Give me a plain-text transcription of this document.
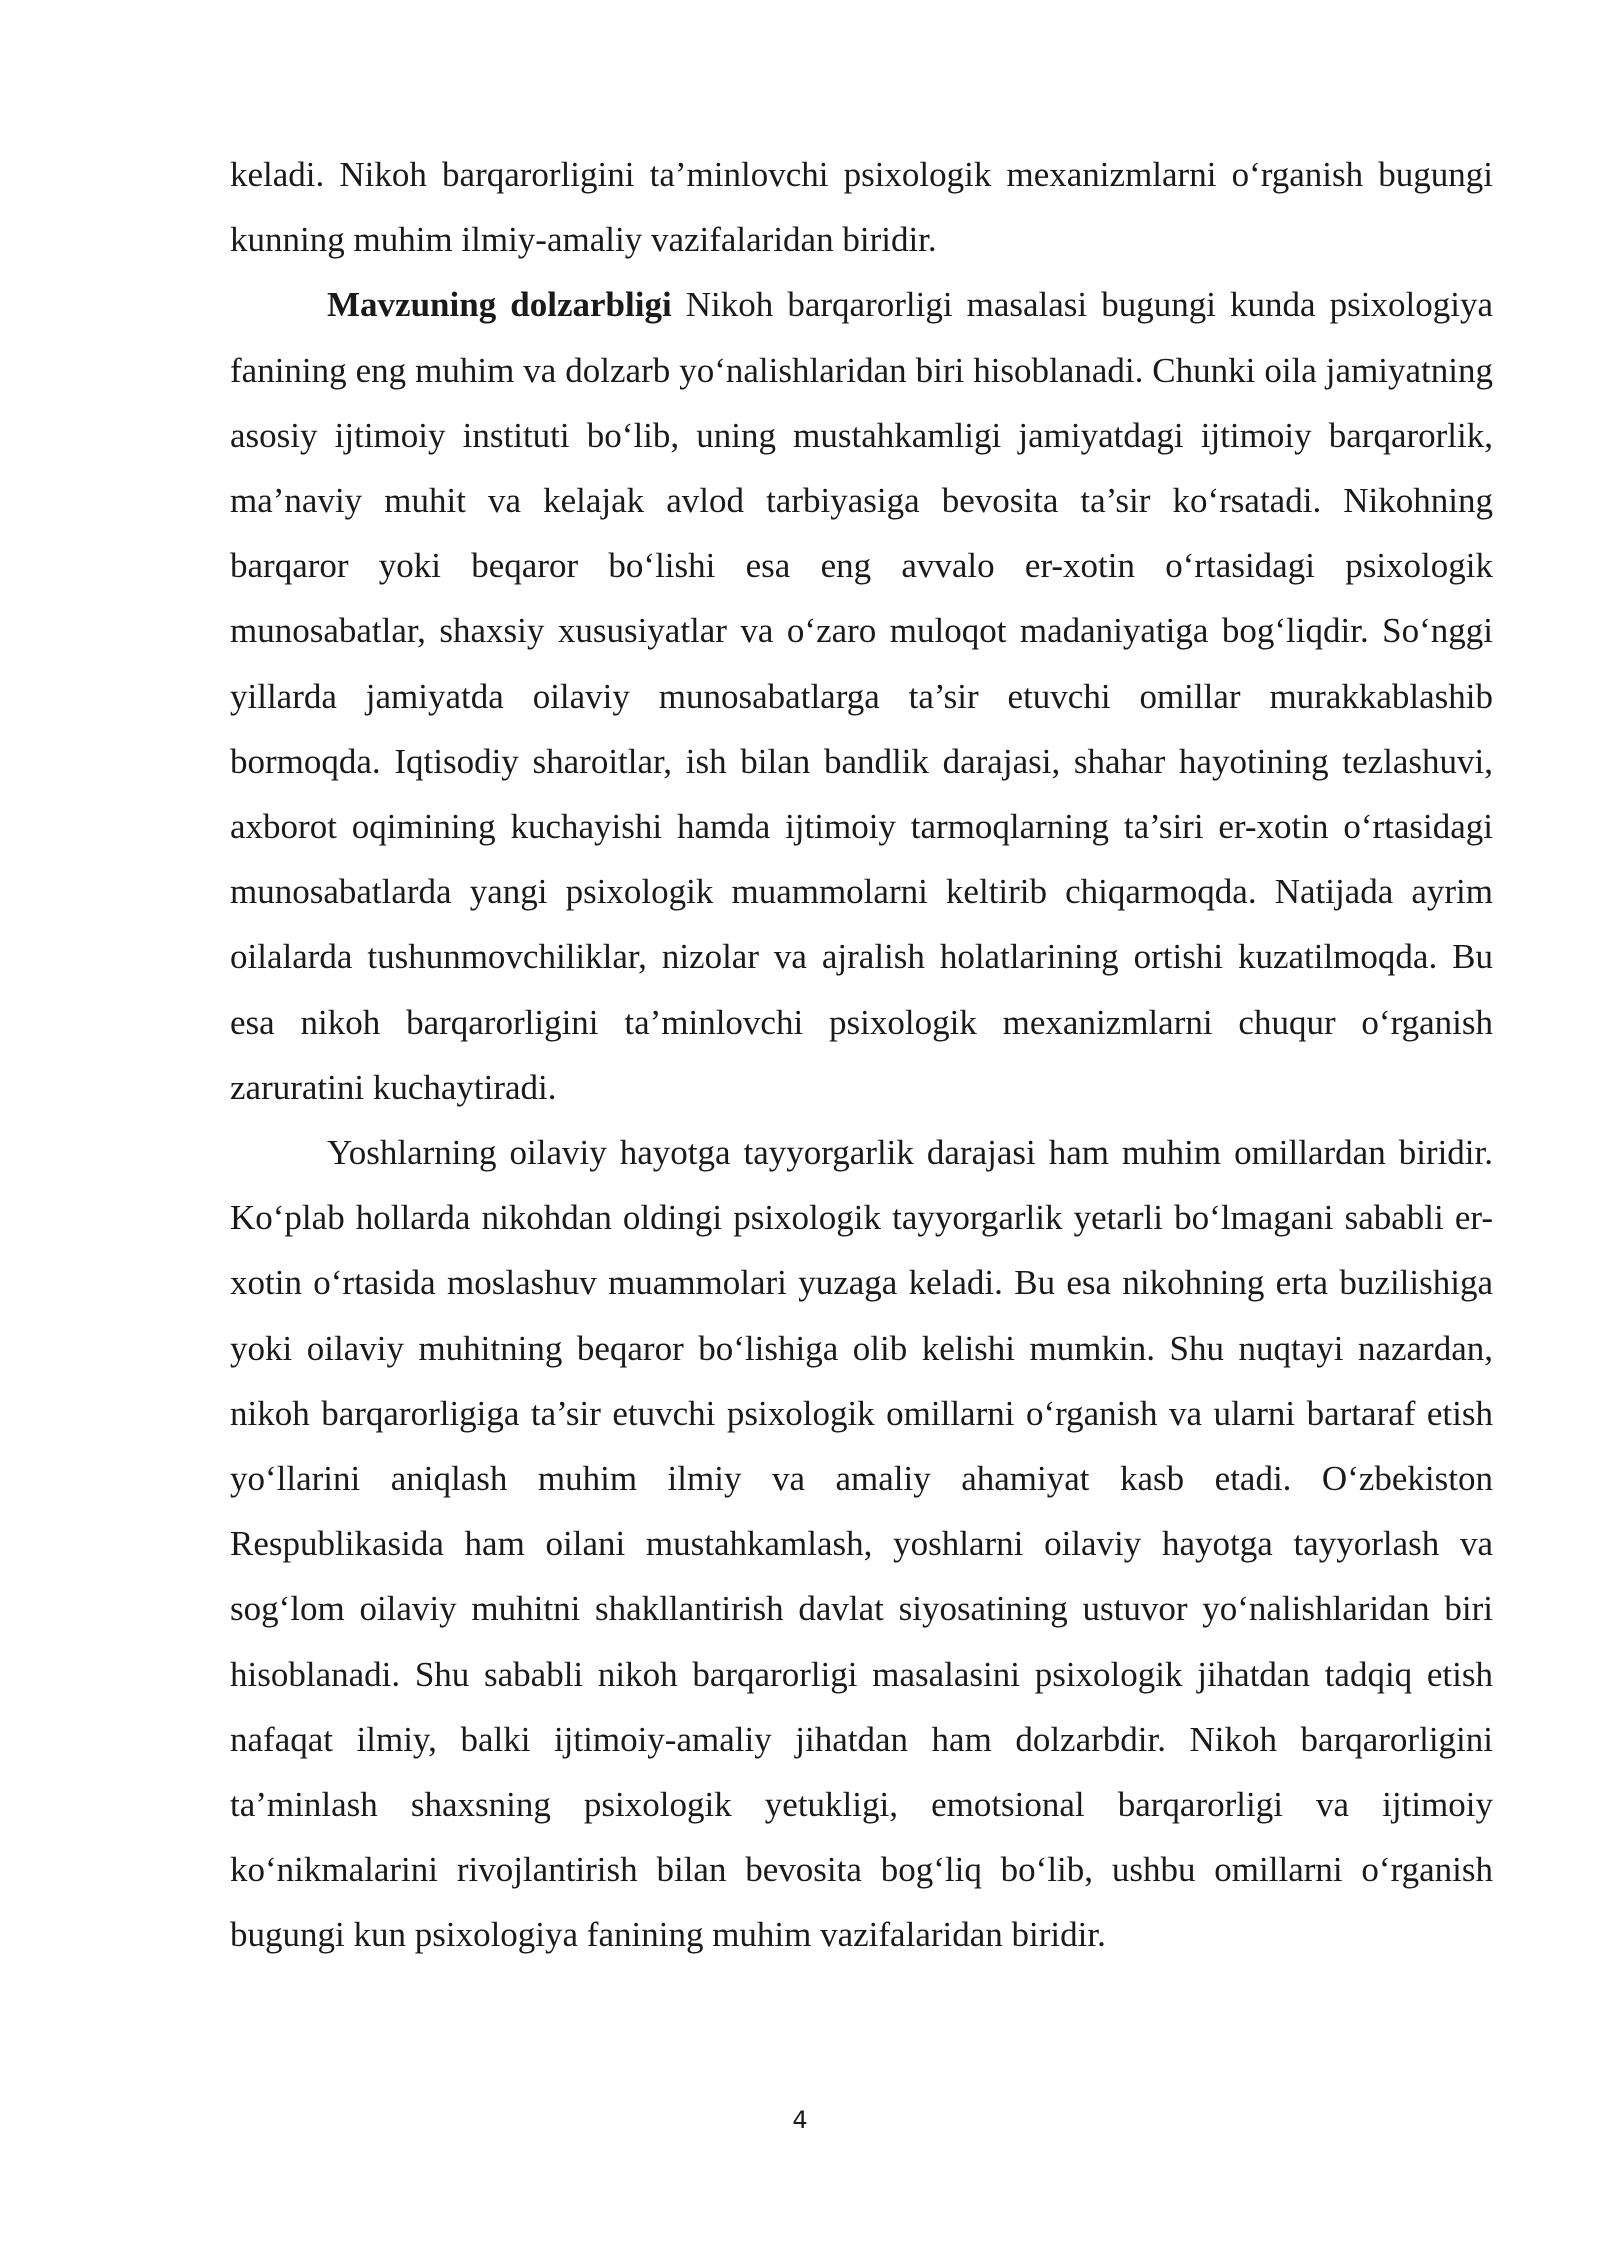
keladi. Nikoh barqarorligini ta’minlovchi psixologik mexanizmlarni o‘rganish bugungi kunning muhim ilmiy-amaliy vazifalaridan biridir.

Mavzuning dolzarbligi Nikoh barqarorligi masalasi bugungi kunda psixologiya fanining eng muhim va dolzarb yo‘nalishlaridan biri hisoblanadi. Chunki oila jamiyatning asosiy ijtimoiy instituti bo‘lib, uning mustahkamligi jamiyatdagi ijtimoiy barqarorlik, ma’naviy muhit va kelajak avlod tarbiyasiga bevosita ta’sir ko‘rsatadi. Nikohning barqaror yoki beqaror bo‘lishi esa eng avvalo er-xotin o‘rtasidagi psixologik munosabatlar, shaxsiy xususiyatlar va o‘zaro muloqot madaniyatiga bog‘liqdir. So‘nggi yillarda jamiyatda oilaviy munosabatlarga ta’sir etuvchi omillar murakkablashib bormoqda. Iqtisodiy sharoitlar, ish bilan bandlik darajasi, shahar hayotining tezlashuvi, axborot oqimining kuchayishi hamda ijtimoiy tarmoqlarning ta’siri er-xotin o‘rtasidagi munosabatlarda yangi psixologik muammolarni keltirib chiqarmoqda. Natijada ayrim oilalarda tushunmovchiliklar, nizolar va ajralish holatlarining ortishi kuzatilmoqda. Bu esa nikoh barqarorligini ta’minlovchi psixologik mexanizmlarni chuqur o‘rganish zaruratini kuchaytiradi.

Yoshlarning oilaviy hayotga tayyorgarlik darajasi ham muhim omillardan biridir. Ko‘plab hollarda nikohdan oldingi psixologik tayyorgarlik yetarli bo‘lmagani sababli er-xotin o‘rtasida moslashuv muammolari yuzaga keladi. Bu esa nikohning erta buzilishiga yoki oilaviy muhitning beqaror bo‘lishiga olib kelishi mumkin. Shu nuqtayi nazardan, nikoh barqarorligiga ta’sir etuvchi psixologik omillarni o‘rganish va ularni bartaraf etish yo‘llarini aniqlash muhim ilmiy va amaliy ahamiyat kasb etadi. O‘zbekiston Respublikasida ham oilani mustahkamlash, yoshlarni oilaviy hayotga tayyorlash va sog‘lom oilaviy muhitni shakllantirish davlat siyosatining ustuvor yo‘nalishlaridan biri hisoblanadi. Shu sababli nikoh barqarorligi masalasini psixologik jihatdan tadqiq etish nafaqat ilmiy, balki ijtimoiy-amaliy jihatdan ham dolzarbdir. Nikoh barqarorligini ta’minlash shaxsning psixologik yetukligi, emotsional barqarorligi va ijtimoiy ko‘nikmalarini rivojlantirish bilan bevosita bog‘liq bo‘lib, ushbu omillarni o‘rganish bugungi kun psixologiya fanining muhim vazifalaridan biridir.

4
